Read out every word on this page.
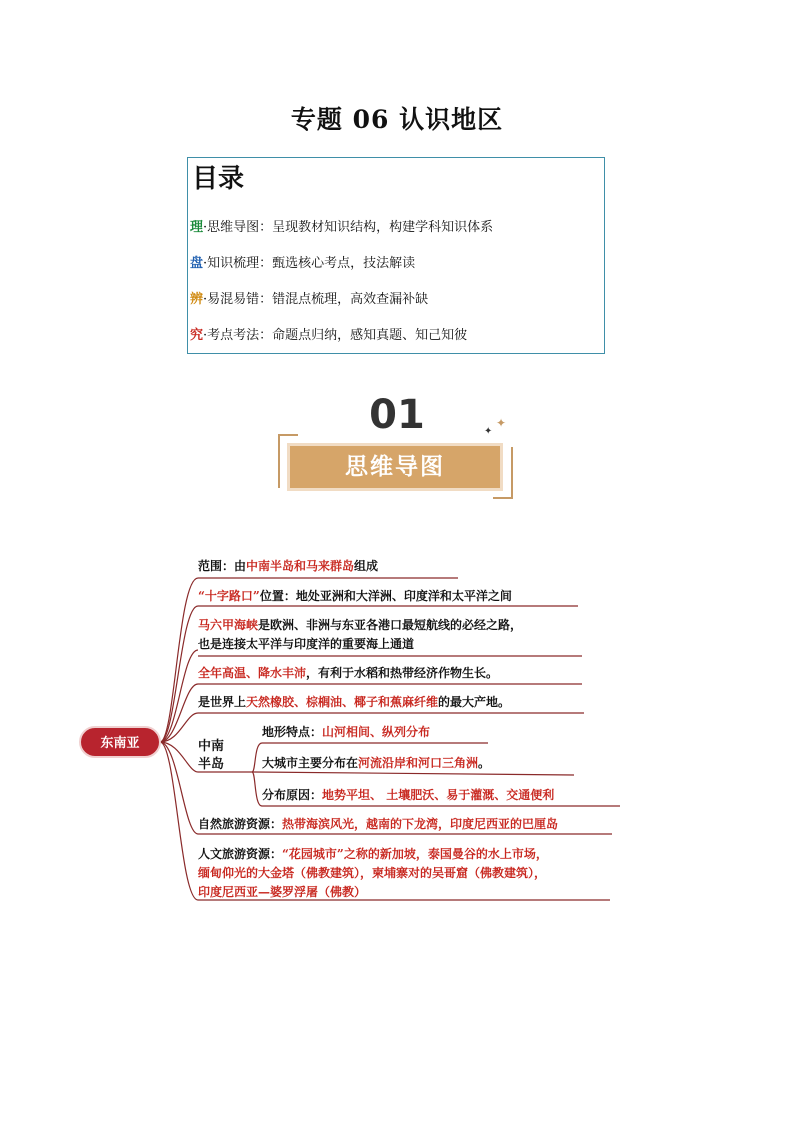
专题 06 认识地区
目录
理·思维导图：呈现教材知识结构，构建学科知识体系
盘·知识梳理：甄选核心考点，技法解读
辨·易混易错：错混点梳理，高效查漏补缺
究·考点考法：命题点归纳，感知真题、知己知彼
01	✦
✦
思维导图
东南亚
范围：由中南半岛和马来群岛组成
“十字路口”位置：地处亚洲和大洋洲、印度洋和太平洋之间
马六甲海峡是欧洲、非洲与东亚各港口最短航线的必经之路，
也是连接太平洋与印度洋的重要海上通道
全年高温、降水丰沛，有利于水稻和热带经济作物生长。
是世界上天然橡胶、棕榈油、椰子和蕉麻纤维的最大产地。
中南
半岛
地形特点：山河相间、纵列分布
大城市主要分布在河流沿岸和河口三角洲。
分布原因：地势平坦、 土壤肥沃、易于灌溉、交通便利
自然旅游资源：热带海滨风光，越南的下龙湾，印度尼西亚的巴厘岛
人文旅游资源：“花园城市”之称的新加坡，泰国曼谷的水上市场，
缅甸仰光的大金塔（佛教建筑），柬埔寨对的吴哥窟（佛教建筑），
印度尼西亚—婆罗浮屠（佛教）
